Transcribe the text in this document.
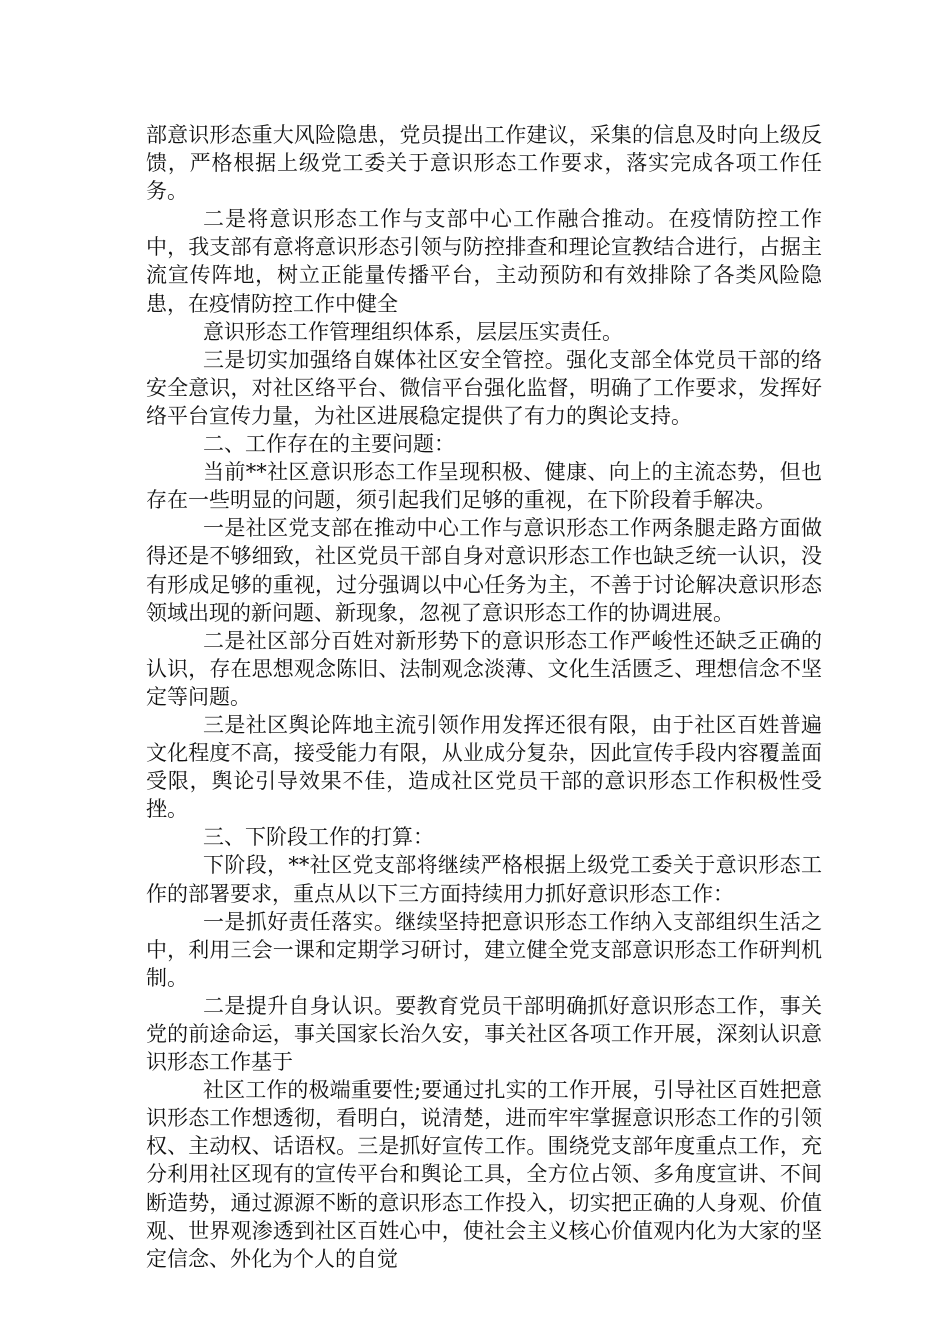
部意识形态重大风险隐患，党员提出工作建议，采集的信息及时向上级反馈，严格根据上级党工委关于意识形态工作要求，落实完成各项工作任务。

二是将意识形态工作与支部中心工作融合推动。在疫情防控工作中，我支部有意将意识形态引领与防控排查和理论宣教结合进行，占据主流宣传阵地，树立正能量传播平台，主动预防和有效排除了各类风险隐患，在疫情防控工作中健全

意识形态工作管理组织体系，层层压实责任。

三是切实加强络自媒体社区安全管控。强化支部全体党员干部的络安全意识，对社区络平台、微信平台强化监督，明确了工作要求，发挥好络平台宣传力量，为社区进展稳定提供了有力的舆论支持。

二、工作存在的主要问题：

当前**社区意识形态工作呈现积极、健康、向上的主流态势，但也存在一些明显的问题，须引起我们足够的重视，在下阶段着手解决。

一是社区党支部在推动中心工作与意识形态工作两条腿走路方面做得还是不够细致，社区党员干部自身对意识形态工作也缺乏统一认识，没有形成足够的重视，过分强调以中心任务为主，不善于讨论解决意识形态领域出现的新问题、新现象，忽视了意识形态工作的协调进展。

二是社区部分百姓对新形势下的意识形态工作严峻性还缺乏正确的认识，存在思想观念陈旧、法制观念淡薄、文化生活匮乏、理想信念不坚定等问题。

三是社区舆论阵地主流引领作用发挥还很有限，由于社区百姓普遍文化程度不高，接受能力有限，从业成分复杂，因此宣传手段内容覆盖面受限，舆论引导效果不佳，造成社区党员干部的意识形态工作积极性受挫。

三、下阶段工作的打算：

下阶段，**社区党支部将继续严格根据上级党工委关于意识形态工作的部署要求，重点从以下三方面持续用力抓好意识形态工作：

一是抓好责任落实。继续坚持把意识形态工作纳入支部组织生活之中，利用三会一课和定期学习研讨，建立健全党支部意识形态工作研判机制。

二是提升自身认识。要教育党员干部明确抓好意识形态工作，事关党的前途命运，事关国家长治久安，事关社区各项工作开展，深刻认识意识形态工作基于

社区工作的极端重要性;要通过扎实的工作开展，引导社区百姓把意识形态工作想透彻，看明白，说清楚，进而牢牢掌握意识形态工作的引领权、主动权、话语权。三是抓好宣传工作。围绕党支部年度重点工作，充分利用社区现有的宣传平台和舆论工具，全方位占领、多角度宣讲、不间断造势，通过源源不断的意识形态工作投入，切实把正确的人身观、价值观、世界观渗透到社区百姓心中，使社会主义核心价值观内化为大家的坚定信念、外化为个人的自觉
